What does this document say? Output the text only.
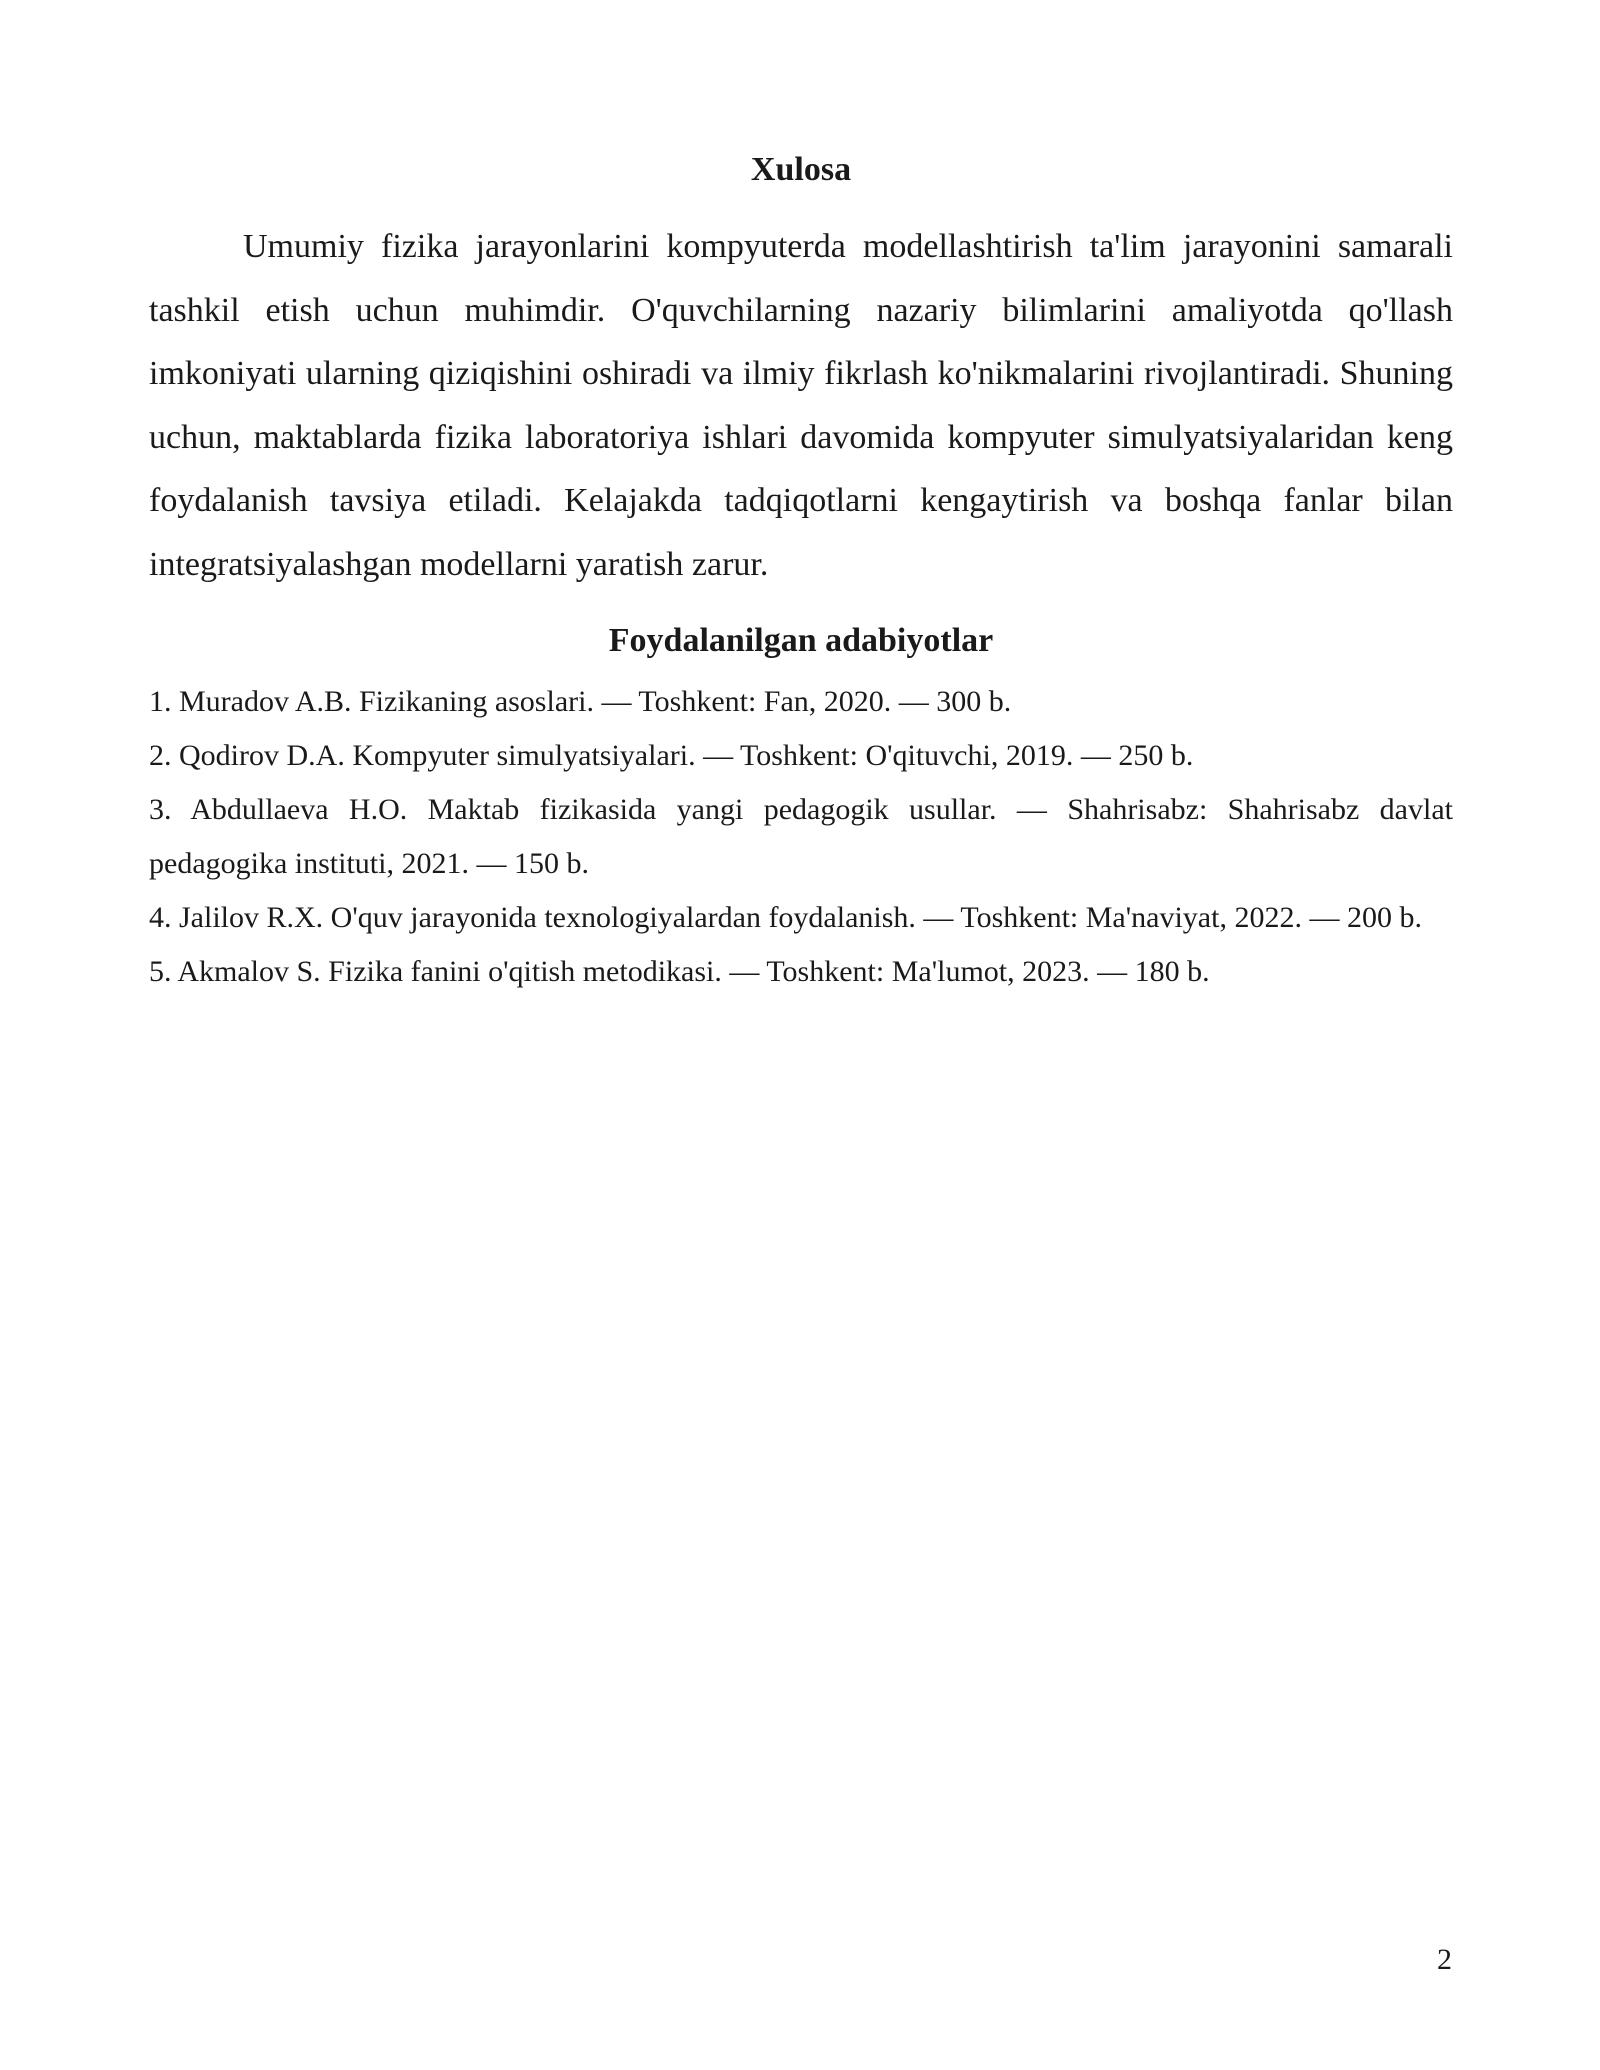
Xulosa

Umumiy fizika jarayonlarini kompyuterda modellashtirish ta'lim jarayonini samarali tashkil etish uchun muhimdir. O'quvchilarning nazariy bilimlarini amaliyotda qo'llash imkoniyati ularning qiziqishini oshiradi va ilmiy fikrlash ko'nikmalarini rivojlantiradi. Shuning uchun, maktablarda fizika laboratoriya ishlari davomida kompyuter simulyatsiyalaridan keng foydalanish tavsiya etiladi. Kelajakda tadqiqotlarni kengaytirish va boshqa fanlar bilan integratsiyalashgan modellarni yaratish zarur.

Foydalanilgan adabiyotlar
1. Muradov A.B. Fizikaning asoslari. — Toshkent: Fan, 2020. — 300 b.
2. Qodirov D.A. Kompyuter simulyatsiyalari. — Toshkent: O'qituvchi, 2019. — 250 b.
3. Abdullaeva H.O. Maktab fizikasida yangi pedagogik usullar. — Shahrisabz: Shahrisabz davlat pedagogika instituti, 2021. — 150 b.
4. Jalilov R.X. O'quv jarayonida texnologiyalardan foydalanish. — Toshkent: Ma'naviyat, 2022. — 200 b.
5. Akmalov S. Fizika fanini o'qitish metodikasi. — Toshkent: Ma'lumot, 2023. — 180 b.
2
